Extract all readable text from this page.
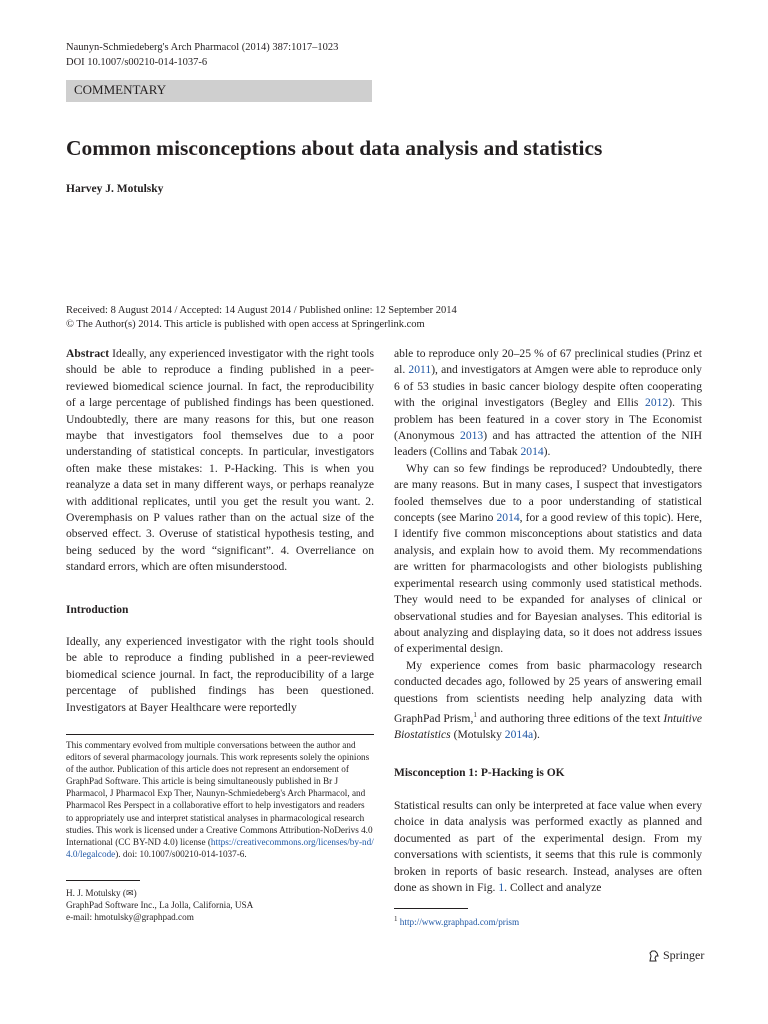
Naunyn-Schmiedeberg's Arch Pharmacol (2014) 387:1017–1023
DOI 10.1007/s00210-014-1037-6
COMMENTARY
Common misconceptions about data analysis and statistics
Harvey J. Motulsky
Received: 8 August 2014 / Accepted: 14 August 2014 / Published online: 12 September 2014
© The Author(s) 2014. This article is published with open access at Springerlink.com

Abstract Ideally, any experienced investigator with the right tools should be able to reproduce a finding published in a peer-reviewed biomedical science journal. In fact, the reproducibility of a large percentage of published findings has been questioned. Undoubtedly, there are many reasons for this, but one reason maybe that investigators fool themselves due to a poor understanding of statistical concepts. In particular, investigators often make these mistakes: 1. P-Hacking. This is when you reanalyze a data set in many different ways, or perhaps reanalyze with additional replicates, until you get the result you want. 2. Overemphasis on P values rather than on the actual size of the observed effect. 3. Overuse of statistical hypothesis testing, and being seduced by the word “significant”. 4. Overreliance on standard errors, which are often misunderstood.

Introduction

Ideally, any experienced investigator with the right tools should be able to reproduce a finding published in a peer-reviewed biomedical science journal. In fact, the reproducibility of a large percentage of published findings has been questioned. Investigators at Bayer Healthcare were reportedly

This commentary evolved from multiple conversations between the author and editors of several pharmacology journals. This work represents solely the opinions of the author. Publication of this article does not represent an endorsement of GraphPad Software. This article is being simultaneously published in Br J Pharmacol, J Pharmacol Exp Ther, Naunyn-Schmiedeberg's Arch Pharmacol, and Pharmacol Res Perspect in a collaborative effort to help investigators and readers to appropriately use and interpret statistical analyses in pharmacological research studies. This work is licensed under a Creative Commons Attribution-NoDerivs 4.0 International (CC BY-ND 4.0) license (https://creativecommons.org/licenses/by-nd/4.0/legalcode). doi: 10.1007/s00210-014-1037-6.
H. J. Motulsky (✉)
GraphPad Software Inc., La Jolla, California, USA
e-mail: hmotulsky@graphpad.com

able to reproduce only 20–25 % of 67 preclinical studies (Prinz et al. 2011), and investigators at Amgen were able to reproduce only 6 of 53 studies in basic cancer biology despite often cooperating with the original investigators (Begley and Ellis 2012). This problem has been featured in a cover story in The Economist (Anonymous 2013) and has attracted the attention of the NIH leaders (Collins and Tabak 2014).

Why can so few findings be reproduced? Undoubtedly, there are many reasons. But in many cases, I suspect that investigators fooled themselves due to a poor understanding of statistical concepts (see Marino 2014, for a good review of this topic). Here, I identify five common misconceptions about statistics and data analysis, and explain how to avoid them. My recommendations are written for pharmacologists and other biologists publishing experimental research using commonly used statistical methods. They would need to be expanded for analyses of clinical or observational studies and for Bayesian analyses. This editorial is about analyzing and displaying data, so it does not address issues of experimental design.

My experience comes from basic pharmacology research conducted decades ago, followed by 25 years of answering email questions from scientists needing help analyzing data with GraphPad Prism,$^1$ and authoring three editions of the text Intuitive Biostatistics (Motulsky 2014a).

Misconception 1: P-Hacking is OK

Statistical results can only be interpreted at face value when every choice in data analysis was performed exactly as planned and documented as part of the experimental design. From my conversations with scientists, it seems that this rule is commonly broken in reports of basic research. Instead, analyses are often done as shown in Fig. 1. Collect and analyze

$^1$ http://www.graphpad.com/prism
Springer
